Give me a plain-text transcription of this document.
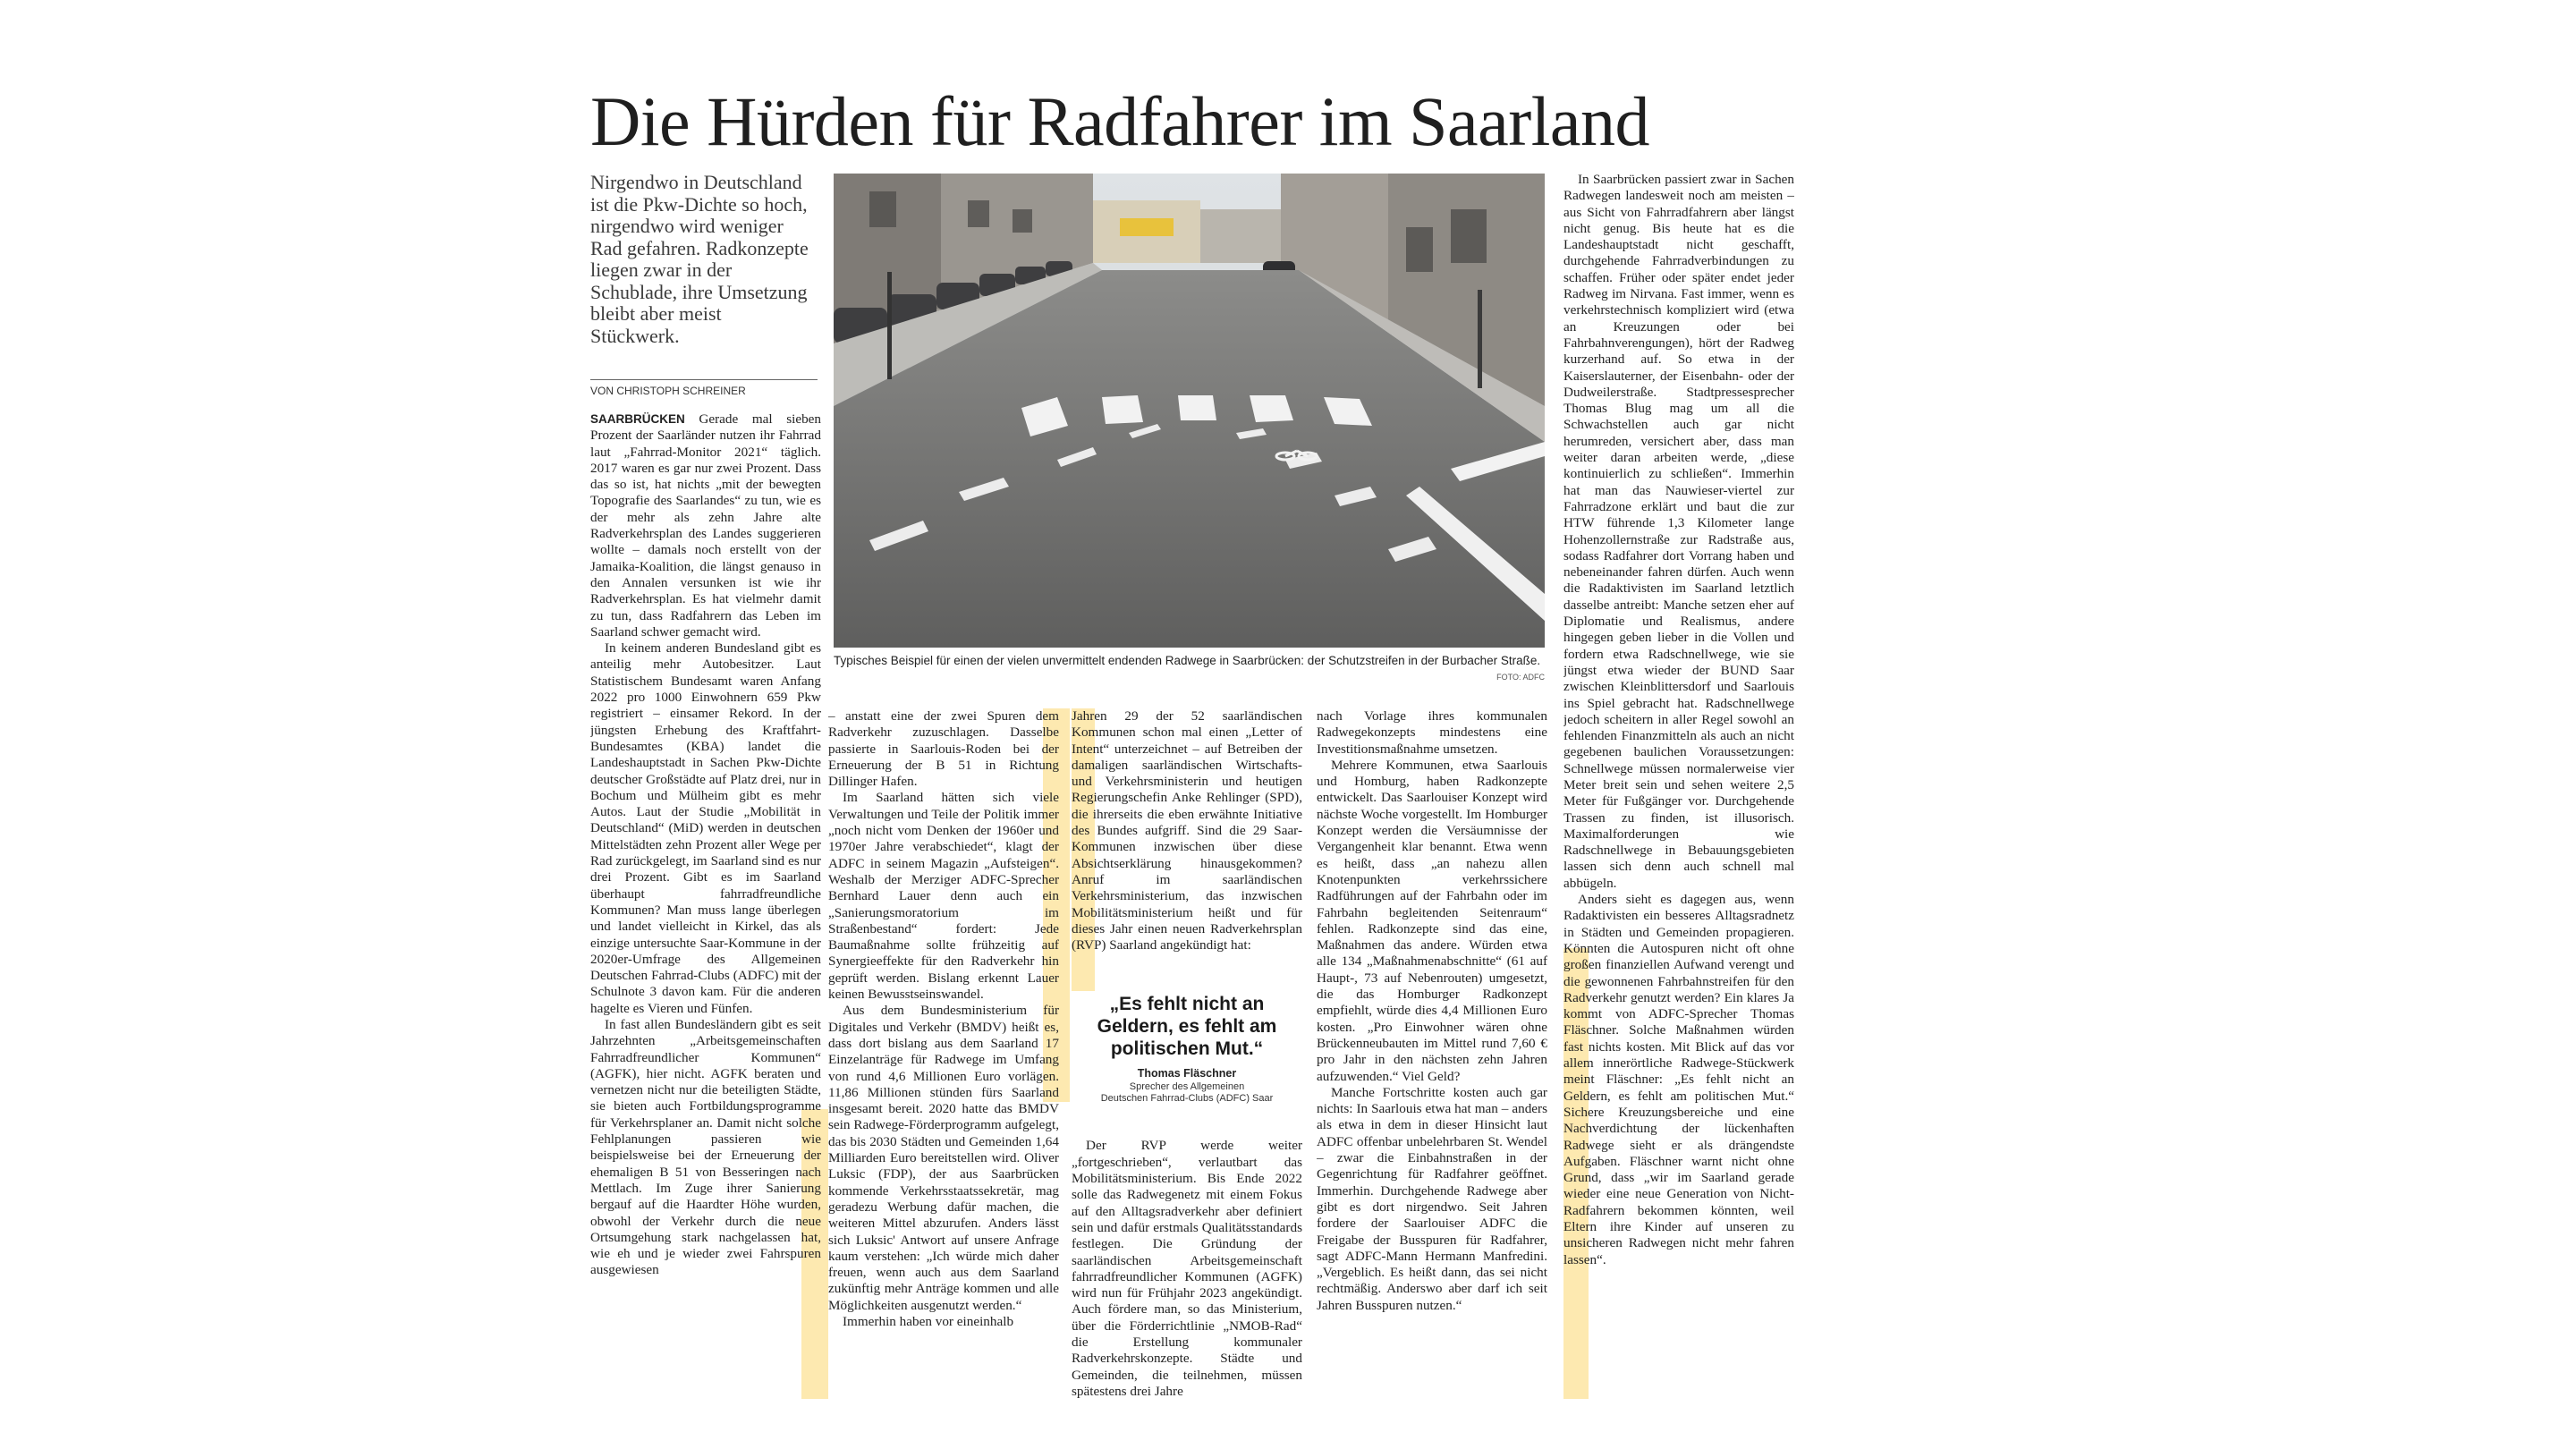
Die Hürden für Radfahrer im Saarland

Nirgendwo in Deutschland ist die Pkw-Dichte so hoch, nirgendwo wird weniger Rad gefahren. Radkonzepte liegen zwar in der Schublade, ihre Umsetzung bleibt aber meist Stückwerk.

VON CHRISTOPH SCHREINER

Typisches Beispiel für einen der vielen unvermittelt endenden Radwege in Saarbrücken: der Schutzstreifen in der Burbacher Straße.

FOTO: ADFC

SAARBRÜCKEN Gerade mal sieben Prozent der Saarländer nutzen ihr Fahrrad laut „Fahrrad-Monitor 2021“ täglich. 2017 waren es gar nur zwei Prozent. Dass das so ist, hat nichts „mit der bewegten Topografie des Saarlandes“ zu tun, wie es der mehr als zehn Jahre alte Radverkehrsplan des Landes suggerieren wollte – damals noch erstellt von der Jamaika-Koalition, die längst genauso in den Annalen versunken ist wie ihr Radverkehrsplan. Es hat vielmehr damit zu tun, dass Radfahrern das Leben im Saarland schwer gemacht wird.

In keinem anderen Bundesland gibt es anteilig mehr Autobesitzer. Laut Statistischem Bundesamt waren Anfang 2022 pro 1000 Einwohnern 659 Pkw registriert – einsamer Rekord. In der jüngsten Erhebung des Kraftfahrt-Bundesamtes (KBA) landet die Landeshauptstadt in Sachen Pkw-Dichte deutscher Großstädte auf Platz drei, nur in Bochum und Mülheim gibt es mehr Autos. Laut der Studie „Mobilität in Deutschland“ (MiD) werden in deutschen Mittelstädten zehn Prozent aller Wege per Rad zurückgelegt, im Saarland sind es nur drei Prozent. Gibt es im Saarland überhaupt fahrradfreundliche Kommunen? Man muss lange überlegen und landet vielleicht in Kirkel, das als einzige untersuchte Saar-Kommune in der 2020er-Umfrage des Allgemeinen Deutschen Fahrrad-Clubs (ADFC) mit der Schulnote 3 davon kam. Für die anderen hagelte es Vieren und Fünfen.

In fast allen Bundesländern gibt es seit Jahrzehnten „Arbeitsgemeinschaften Fahrradfreundlicher Kommunen“ (AGFK), hier nicht. AGFK beraten und vernetzen nicht nur die beteiligten Städte, sie bieten auch Fortbildungsprogramme für Verkehrsplaner an. Damit nicht solche Fehlplanungen passieren wie beispielsweise bei der Erneuerung der ehemaligen B 51 von Besseringen nach Mettlach. Im Zuge ihrer Sanierung bergauf auf die Haardter Höhe wurden, obwohl der Verkehr durch die neue Ortsumgehung stark nachgelassen hat, wie eh und je wieder zwei Fahrspuren ausgewiesen

– anstatt eine der zwei Spuren dem Radverkehr zuzuschlagen. Dasselbe passierte in Saarlouis-Roden bei der Erneuerung der B 51 in Richtung Dillinger Hafen.

Im Saarland hätten sich viele Verwaltungen und Teile der Politik immer „noch nicht vom Denken der 1960er und 1970er Jahre verabschiedet“, klagt der ADFC in seinem Magazin „Aufsteigen“. Weshalb der Merziger ADFC-Sprecher Bernhard Lauer denn auch ein „Sanierungsmoratorium im Straßenbestand“ fordert: Jede Baumaßnahme sollte frühzeitig auf Synergieeffekte für den Radverkehr hin geprüft werden. Bislang erkennt Lauer keinen Bewusstseinswandel.

Aus dem Bundesministerium für Digitales und Verkehr (BMDV) heißt es, dass dort bislang aus dem Saarland 17 Einzelanträge für Radwege im Umfang von rund 4,6 Millionen Euro vorlägen. 11,86 Millionen stünden fürs Saarland insgesamt bereit. 2020 hatte das BMDV sein Radwege-Förderprogramm aufgelegt, das bis 2030 Städten und Gemeinden 1,64 Milliarden Euro bereitstellen wird. Oliver Luksic (FDP), der aus Saarbrücken kommende Verkehrsstaatssekretär, mag geradezu Werbung dafür machen, die weiteren Mittel abzurufen. Anders lässt sich Luksic' Antwort auf unsere Anfrage kaum verstehen: „Ich würde mich daher freuen, wenn auch aus dem Saarland zukünftig mehr Anträge kommen und alle Möglichkeiten ausgenutzt werden.“

Immerhin haben vor eineinhalb

Jahren 29 der 52 saarländischen Kommunen schon mal einen „Letter of Intent“ unterzeichnet – auf Betreiben der damaligen saarländischen Wirtschafts- und Verkehrsministerin und heutigen Regierungschefin Anke Rehlinger (SPD), die ihrerseits die eben erwähnte Initiative des Bundes aufgriff. Sind die 29 Saar-Kommunen inzwischen über diese Absichtserklärung hinausgekommen? Anruf im saarländischen Verkehrsministerium, das inzwischen Mobilitätsministerium heißt und für dieses Jahr einen neuen Radverkehrsplan (RVP) Saarland angekündigt hat:

Der RVP werde weiter „fortgeschrieben“, verlautbart das Mobilitätsministerium. Bis Ende 2022 solle das Radwegenetz mit einem Fokus auf den Alltagsradverkehr aber definiert sein und dafür erstmals Qualitätsstandards festlegen. Die Gründung der saarländischen Arbeitsgemeinschaft fahrradfreundlicher Kommunen (AGFK) wird nun für Frühjahr 2023 angekündigt. Auch fördere man, so das Ministerium, über die Förderrichtlinie „NMOB-Rad“ die Erstellung kommunaler Radverkehrskonzepte. Städte und Gemeinden, die teilnehmen, müssen spätestens drei Jahre

„Es fehlt nicht an Geldern, es fehlt am politischen Mut.“

Thomas Fläschner

Sprecher des Allgemeinen
Deutschen Fahrrad-Clubs (ADFC) Saar

nach Vorlage ihres kommunalen Radwegekonzepts mindestens eine Investitionsmaßnahme umsetzen.

Mehrere Kommunen, etwa Saarlouis und Homburg, haben Radkonzepte entwickelt. Das Saarlouiser Konzept wird nächste Woche vorgestellt. Im Homburger Konzept werden die Versäumnisse der Vergangenheit klar benannt. Etwa wenn es heißt, dass „an nahezu allen Knotenpunkten verkehrssichere Radführungen auf der Fahrbahn oder im Fahrbahn begleitenden Seitenraum“ fehlen. Radkonzepte sind das eine, Maßnahmen das andere. Würden etwa alle 134 „Maßnahmenabschnitte“ (61 auf Haupt-, 73 auf Nebenrouten) umgesetzt, die das Homburger Radkonzept empfiehlt, würde dies 4,4 Millionen Euro kosten. „Pro Einwohner wären ohne Brückenneubauten im Mittel rund 7,60 € pro Jahr in den nächsten zehn Jahren aufzuwenden.“ Viel Geld?

Manche Fortschritte kosten auch gar nichts: In Saarlouis etwa hat man – anders als etwa in dem in dieser Hinsicht laut ADFC offenbar unbelehrbaren St. Wendel – zwar die Einbahnstraßen in der Gegenrichtung für Radfahrer geöffnet. Immerhin. Durchgehende Radwege aber gibt es dort nirgendwo. Seit Jahren fordere der Saarlouiser ADFC die Freigabe der Busspuren für Radfahrer, sagt ADFC-Mann Hermann Manfredini. „Vergeblich. Es heißt dann, das sei nicht rechtmäßig. Anderswo aber darf ich seit Jahren Busspuren nutzen.“

In Saarbrücken passiert zwar in Sachen Radwegen landesweit noch am meisten – aus Sicht von Fahrradfahrern aber längst nicht genug. Bis heute hat es die Landeshauptstadt nicht geschafft, durchgehende Fahrradverbindungen zu schaffen. Früher oder später endet jeder Radweg im Nirvana. Fast immer, wenn es verkehrstechnisch kompliziert wird (etwa an Kreuzungen oder bei Fahrbahnverengungen), hört der Radweg kurzerhand auf. So etwa in der Kaiserslauterner, der Eisenbahn- oder der Dudweilerstraße. Stadtpressesprecher Thomas Blug mag um all die Schwachstellen auch gar nicht herumreden, versichert aber, dass man weiter daran arbeiten werde, „diese kontinuierlich zu schließen“. Immerhin hat man das Nauwieser-viertel zur Fahrradzone erklärt und baut die zur HTW führende 1,3 Kilometer lange Hohenzollernstraße zur Radstraße aus, sodass Radfahrer dort Vorrang haben und nebeneinander fahren dürfen. Auch wenn die Radaktivisten im Saarland letztlich dasselbe antreibt: Manche setzen eher auf Diplomatie und Realismus, andere hingegen geben lieber in die Vollen und fordern etwa Radschnellwege, wie sie jüngst etwa wieder der BUND Saar zwischen Kleinblittersdorf und Saarlouis ins Spiel gebracht hat. Radschnellwege jedoch scheitern in aller Regel sowohl an fehlenden Finanzmitteln als auch an nicht gegebenen baulichen Voraussetzungen: Schnellwege müssen normalerweise vier Meter breit sein und sehen weitere 2,5 Meter für Fußgänger vor. Durchgehende Trassen zu finden, ist illusorisch. Maximalforderungen wie Radschnellwege in Bebauungsgebieten lassen sich denn auch schnell mal abbügeln.

Anders sieht es dagegen aus, wenn Radaktivisten ein besseres Alltagsradnetz in Städten und Gemeinden propagieren. Könnten die Autospuren nicht oft ohne großen finanziellen Aufwand verengt und die gewonnenen Fahrbahnstreifen für den Radverkehr genutzt werden? Ein klares Ja kommt von ADFC-Sprecher Thomas Fläschner. Solche Maßnahmen würden fast nichts kosten. Mit Blick auf das vor allem innerörtliche Radwege-Stückwerk meint Fläschner: „Es fehlt nicht an Geldern, es fehlt am politischen Mut.“ Sichere Kreuzungsbereiche und eine Nachverdichtung der lückenhaften Radwege sieht er als drängendste Aufgaben. Fläschner warnt nicht ohne Grund, dass „wir im Saarland gerade wieder eine neue Generation von Nicht-Radfahrern bekommen könnten, weil Eltern ihre Kinder auf unseren zu unsicheren Radwegen nicht mehr fahren lassen“.
